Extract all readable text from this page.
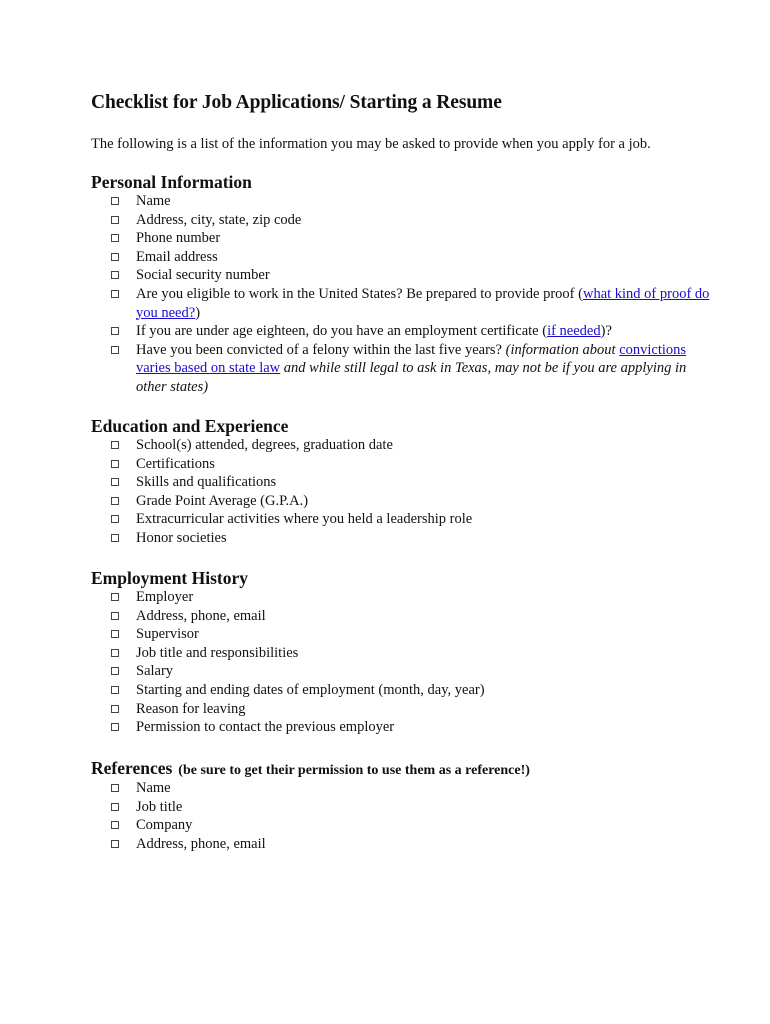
Checklist for Job Applications/ Starting a Resume

The following is a list of the information you may be asked to provide when you apply for a job.

Personal Information
Name
Address, city, state, zip code
Phone number
Email address
Social security number
Are you eligible to work in the United States? Be prepared to provide proof (what kind of proof do you need?)
If you are under age eighteen, do you have an employment certificate (if needed)?
Have you been convicted of a felony within the last five years? (information about convictions varies based on state law and while still legal to ask in Texas, may not be if you are applying in other states)
Education and Experience
School(s) attended, degrees, graduation date
Certifications
Skills and qualifications
Grade Point Average (G.P.A.)
Extracurricular activities where you held a leadership role
Honor societies
Employment History
Employer
Address, phone, email
Supervisor
Job title and responsibilities
Salary
Starting and ending dates of employment (month, day, year)
Reason for leaving
Permission to contact the previous employer
References (be sure to get their permission to use them as a reference!)
Name
Job title
Company
Address, phone, email
